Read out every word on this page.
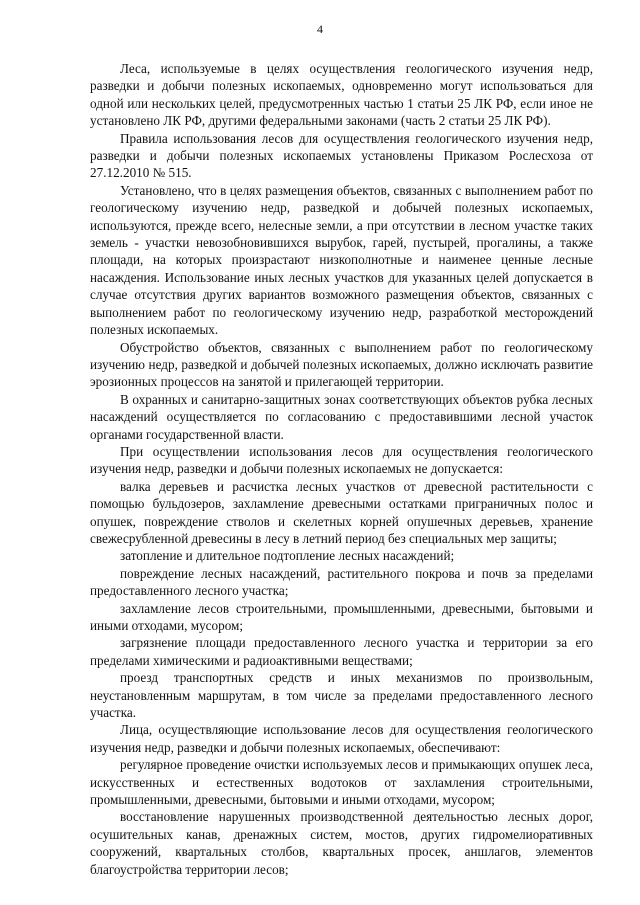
4

Леса, используемые в целях осуществления геологического изучения недр, разведки и добычи полезных ископаемых, одновременно могут использоваться для одной или нескольких целей, предусмотренных частью 1 статьи 25 ЛК РФ, если иное не установлено ЛК РФ, другими федеральными законами (часть 2 статьи 25 ЛК РФ).

Правила использования лесов для осуществления геологического изучения недр, разведки и добычи полезных ископаемых установлены Приказом Рослесхоза от 27.12.2010 № 515.

Установлено, что в целях размещения объектов, связанных с выполнением работ по геологическому изучению недр, разведкой и добычей полезных ископаемых, используются, прежде всего, нелесные земли, а при отсутствии в лесном участке таких земель - участки невозобновившихся вырубок, гарей, пустырей, прогалины, а также площади, на которых произрастают низкополнотные и наименее ценные лесные насаждения. Использование иных лесных участков для указанных целей допускается в случае отсутствия других вариантов возможного размещения объектов, связанных с выполнением работ по геологическому изучению недр, разработкой месторождений полезных ископаемых.

Обустройство объектов, связанных с выполнением работ по геологическому изучению недр, разведкой и добычей полезных ископаемых, должно исключать развитие эрозионных процессов на занятой и прилегающей территории.

В охранных и санитарно-защитных зонах соответствующих объектов рубка лесных насаждений осуществляется по согласованию с предоставившими лесной участок органами государственной власти.

При осуществлении использования лесов для осуществления геологического изучения недр, разведки и добычи полезных ископаемых не допускается:

валка деревьев и расчистка лесных участков от древесной растительности с помощью бульдозеров, захламление древесными остатками приграничных полос и опушек, повреждение стволов и скелетных корней опушечных деревьев, хранение свежесрубленной древесины в лесу в летний период без специальных мер защиты;

затопление и длительное подтопление лесных насаждений;

повреждение лесных насаждений, растительного покрова и почв за пределами предоставленного лесного участка;

захламление лесов строительными, промышленными, древесными, бытовыми и иными отходами, мусором;

загрязнение площади предоставленного лесного участка и территории за его пределами химическими и радиоактивными веществами;

проезд транспортных средств и иных механизмов по произвольным, неустановленным маршрутам, в том числе за пределами предоставленного лесного участка.

Лица, осуществляющие использование лесов для осуществления геологического изучения недр, разведки и добычи полезных ископаемых, обеспечивают:

регулярное проведение очистки используемых лесов и примыкающих опушек леса, искусственных и естественных водотоков от захламления строительными, промышленными, древесными, бытовыми и иными отходами, мусором;

восстановление нарушенных производственной деятельностью лесных дорог, осушительных канав, дренажных систем, мостов, других гидромелиоративных сооружений, квартальных столбов, квартальных просек, аншлагов, элементов благоустройства территории лесов;
